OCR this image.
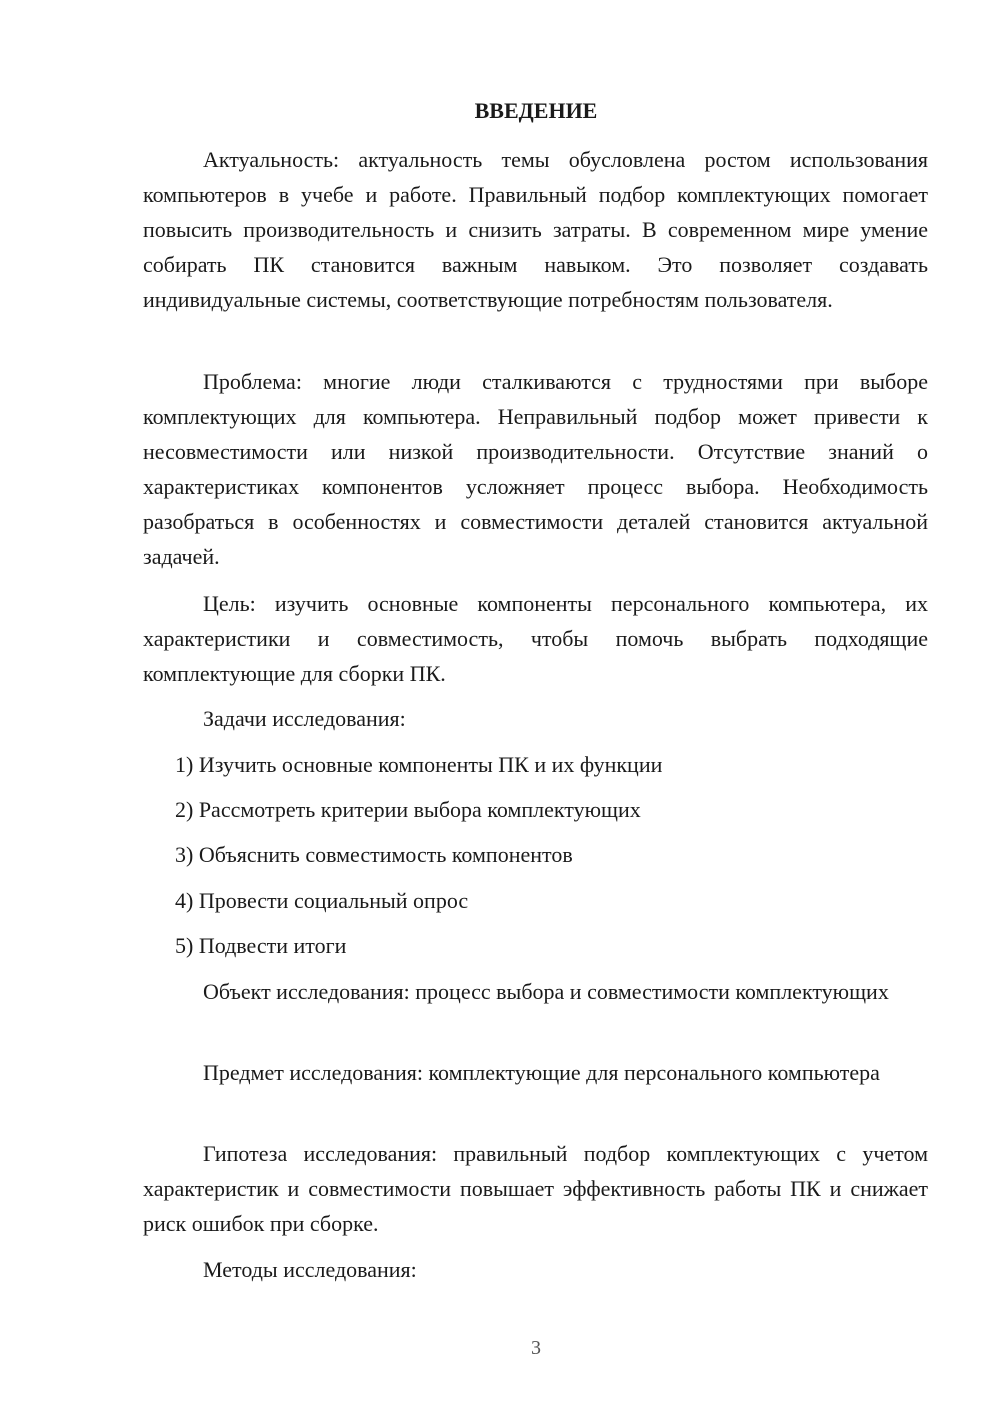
ВВЕДЕНИЕ

Актуальность: актуальность темы обусловлена ростом использования компьютеров в учебе и работе. Правильный подбор комплектующих помогает повысить производительность и снизить затраты. В современном мире умение собирать ПК становится важным навыком. Это позволяет создавать индивидуальные системы, соответствующие потребностям пользователя.

Проблема: многие люди сталкиваются с трудностями при выборе комплектующих для компьютера. Неправильный подбор может привести к несовместимости или низкой производительности. Отсутствие знаний о характеристиках компонентов усложняет процесс выбора. Необходимость разобраться в особенностях и совместимости деталей становится актуальной задачей.

Цель: изучить основные компоненты персонального компьютера, их характеристики и совместимость, чтобы помочь выбрать подходящие комплектующие для сборки ПК.

Задачи исследования:

1) Изучить основные компоненты ПК и их функции

2) Рассмотреть критерии выбора комплектующих

3) Объяснить совместимость компонентов

4) Провести социальный опрос

5) Подвести итоги

Объект исследования: процесс выбора и совместимости комплектующих

Предмет исследования: комплектующие для персонального компьютера

Гипотеза исследования: правильный подбор комплектующих с учетом характеристик и совместимости повышает эффективность работы ПК и снижает риск ошибок при сборке.

Методы исследования:

3
